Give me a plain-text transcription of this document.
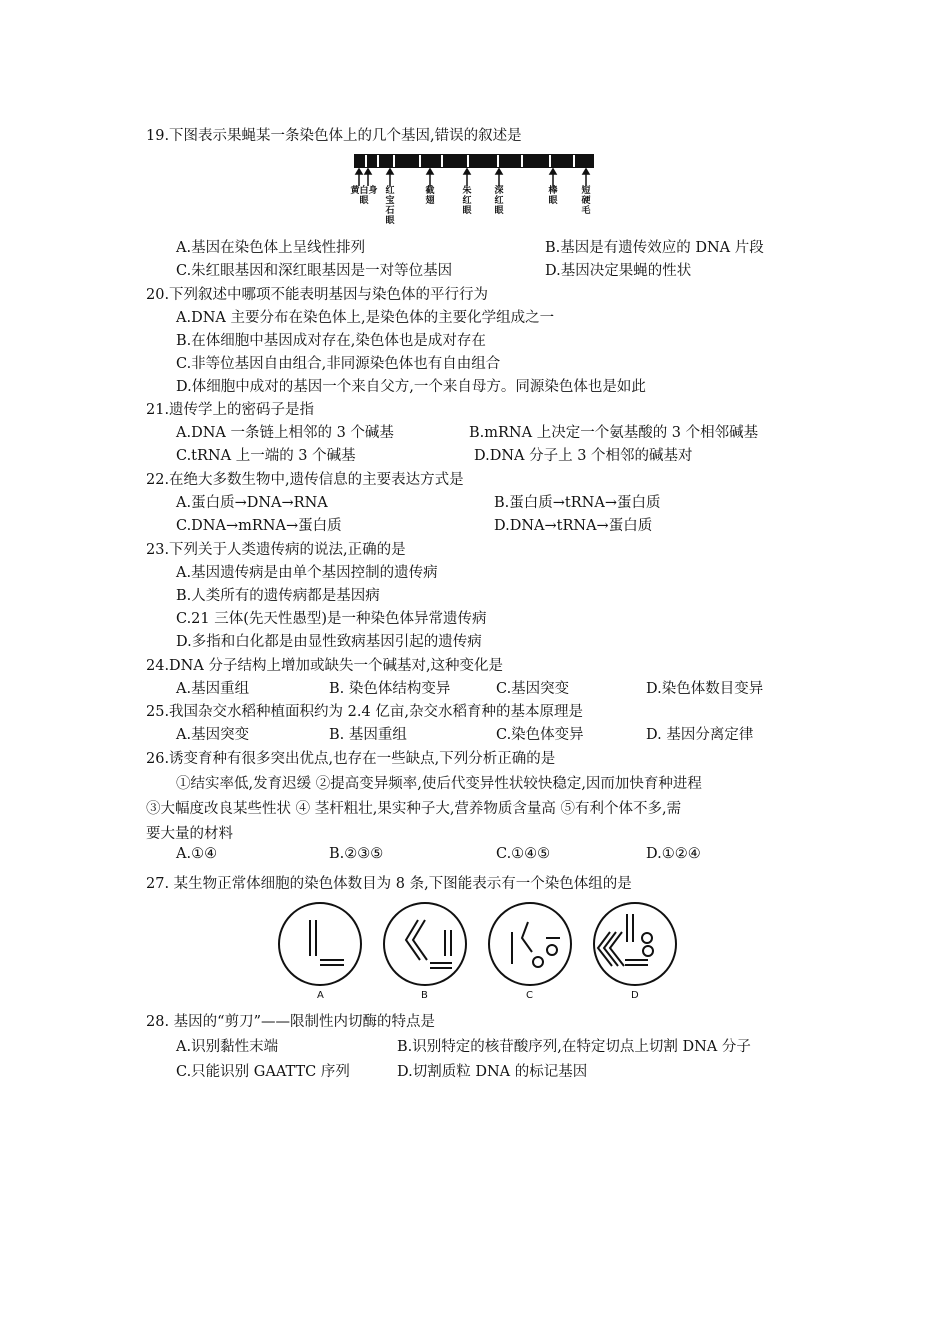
19.下图表示果蝇某一条染色体上的几个基因,错误的叙述是
黄白身眼
红宝石眼
截翅
朱红眼
深红眼
棒眼
短硬毛
A.基因在染色体上呈线性排列	B.基因是有遗传效应的 DNA 片段
C.朱红眼基因和深红眼基因是一对等位基因	D.基因决定果蝇的性状
20.下列叙述中哪项不能表明基因与染色体的平行行为
A.DNA 主要分布在染色体上,是染色体的主要化学组成之一
B.在体细胞中基因成对存在,染色体也是成对存在
C.非等位基因自由组合,非同源染色体也有自由组合
D.体细胞中成对的基因一个来自父方,一个来自母方。同源染色体也是如此
21.遗传学上的密码子是指
A.DNA 一条链上相邻的 3 个碱基	B.mRNA 上决定一个氨基酸的 3 个相邻碱基
C.tRNA 上一端的 3 个碱基	D.DNA 分子上 3 个相邻的碱基对
22.在绝大多数生物中,遗传信息的主要表达方式是
A.蛋白质→DNA→RNA	B.蛋白质→tRNA→蛋白质
C.DNA→mRNA→蛋白质	D.DNA→tRNA→蛋白质
23.下列关于人类遗传病的说法,正确的是
A.基因遗传病是由单个基因控制的遗传病
B.人类所有的遗传病都是基因病
C.21 三体(先天性愚型)是一种染色体异常遗传病
D.多指和白化都是由显性致病基因引起的遗传病
24.DNA 分子结构上增加或缺失一个碱基对,这种变化是
A.基因重组	B. 染色体结构变异	C.基因突变	D.染色体数目变异
25.我国杂交水稻种植面积约为 2.4 亿亩,杂交水稻育种的基本原理是
A.基因突变	B. 基因重组	C.染色体变异	D. 基因分离定律
26.诱变育种有很多突出优点,也存在一些缺点,下列分析正确的是
①结实率低,发育迟缓 ②提高变异频率,使后代变异性状较快稳定,因而加快育种进程
③大幅度改良某些性状 ④ 茎杆粗壮,果实种子大,营养物质含量高 ⑤有利个体不多,需
要大量的材料
A.①④	B.②③⑤	C.①④⑤	D.①②④
27. 某生物正常体细胞的染色体数目为 8 条,下图能表示有一个染色体组的是
A	B	C	D
28. 基因的“剪刀”——限制性内切酶的特点是
A.识别黏性末端	B.识别特定的核苷酸序列,在特定切点上切割 DNA 分子
C.只能识别 GAATTC 序列	D.切割质粒 DNA 的标记基因
